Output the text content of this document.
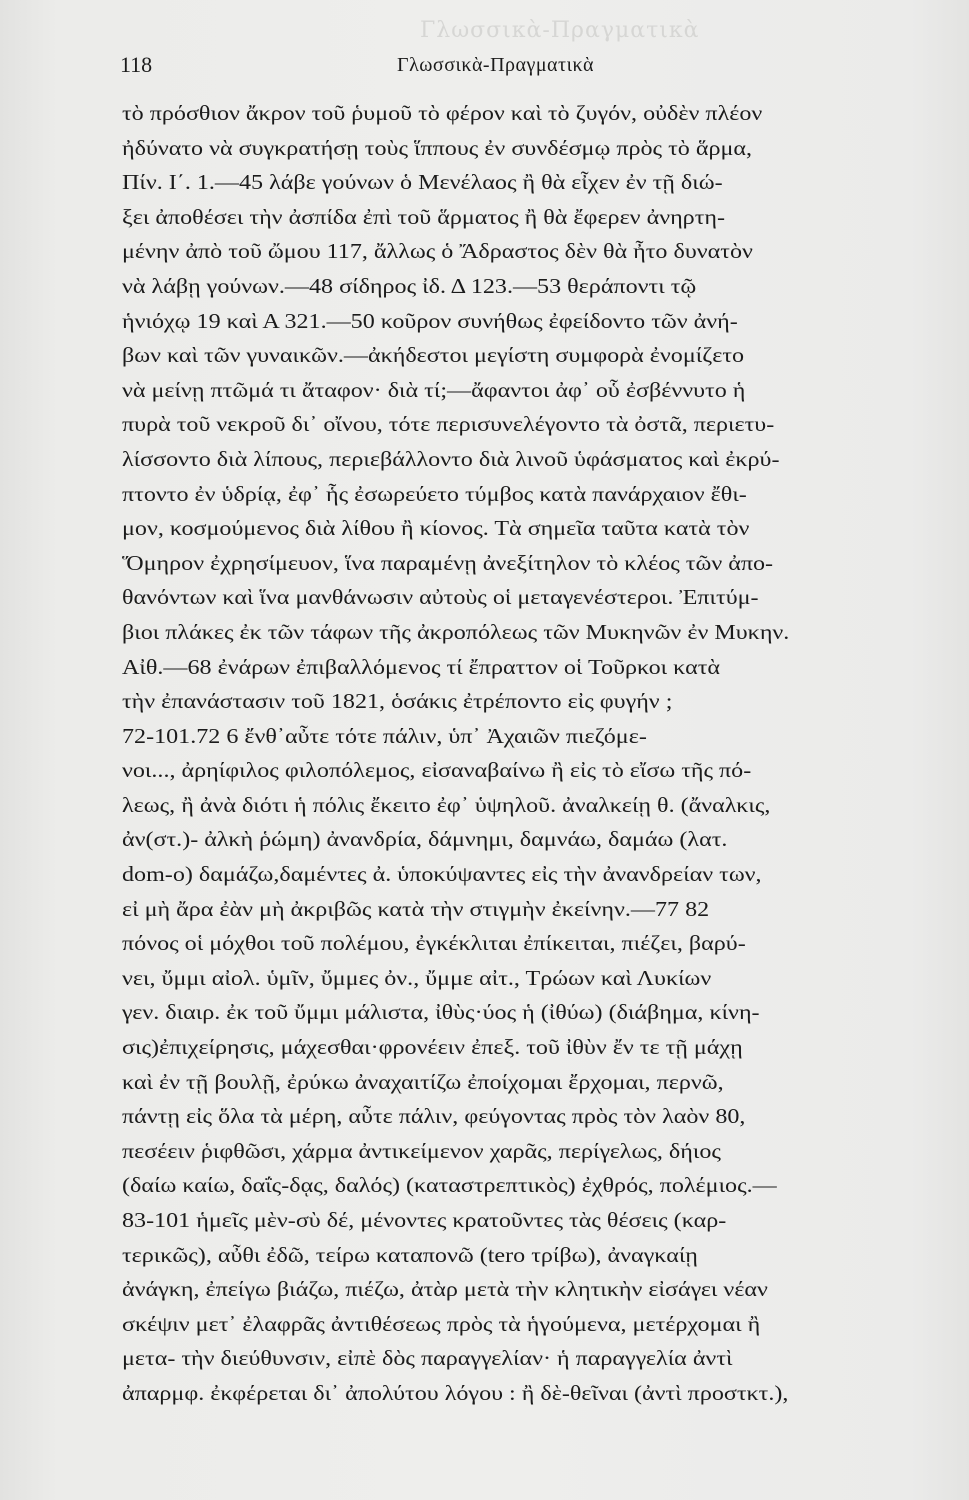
Γλωσσικὰ-Πραγματικὰ
118	Γλωσσικὰ-Πραγματικὰ
τὸ πρόσθιον ἄκρον τοῦ ῥυμοῦ τὸ φέρον καὶ τὸ ζυγόν, οὐδὲν πλέον
ἠδύνατο νὰ συγκρατήσῃ τοὺς ἵππους ἐν συνδέσμῳ πρὸς τὸ ἅρμα,
Πίν. Ι΄. 1.—45 λάβε γούνων ὁ Μενέλαος ἢ θὰ εἶχεν ἐν τῇ διώ-
ξει ἀποθέσει τὴν ἀσπίδα ἐπὶ τοῦ ἅρματος ἢ θὰ ἔφερεν ἀνηρτη-
μένην ἀπὸ τοῦ ὤμου 117, ἄλλως ὁ Ἄδραστος δὲν θὰ ἦτο δυνατὸν
νὰ λάβῃ γούνων.—48 σίδηρος ἰδ. Δ 123.—53 θεράποντι τῷ
ἡνιόχῳ 19 καὶ Α 321.—50 κοῦρον συνήθως ἐφείδοντο τῶν ἀνή-
βων καὶ τῶν γυναικῶν.—ἀκήδεστοι μεγίστη συμφορὰ ἐνομίζετο
νὰ μείνῃ πτῶμά τι ἄταφον· διὰ τί;—ἄφαντοι ἀφ᾽ οὗ ἐσβέννυτο ἡ
πυρὰ τοῦ νεκροῦ δι᾽ οἴνου, τότε περισυνελέγοντο τὰ ὀστᾶ, περιετυ-
λίσσοντο διὰ λίπους, περιεβάλλοντο διὰ λινοῦ ὑφάσματος καὶ ἐκρύ-
πτοντο ἐν ὑδρίᾳ, ἐφ᾽ ἧς ἐσωρεύετο τύμβος κατὰ πανάρχαιον ἔθι-
μον, κοσμούμενος διὰ λίθου ἢ κίονος. Τὰ σημεῖα ταῦτα κατὰ τὸν
Ὅμηρον ἐχρησίμευον, ἵνα παραμένῃ ἀνεξίτηλον τὸ κλέος τῶν ἀπο-
θανόντων καὶ ἵνα μανθάνωσιν αὐτοὺς οἱ μεταγενέστεροι. Ἐπιτύμ-
βιοι πλάκες ἐκ τῶν τάφων τῆς ἀκροπόλεως τῶν Μυκηνῶν ἐν Μυκην.
Αἰθ.—68 ἐνάρων ἐπιβαλλόμενος τί ἔπραττον οἱ Τοῦρκοι κατὰ
τὴν ἐπανάστασιν τοῦ 1821, ὁσάκις ἐτρέποντο εἰς φυγήν ;
72-101.72 6 ἔνθ᾽αὖτε τότε πάλιν, ὑπ᾽ Ἀχαιῶν πιεζόμε-
νοι..., ἀρηίφιλος φιλοπόλεμος, εἰσαναβαίνω ἢ εἰς τὸ εἴσω τῆς πό-
λεως, ἢ ἀνὰ διότι ἡ πόλις ἔκειτο ἐφ᾽ ὑψηλοῦ. ἀναλκείῃ θ. (ἄναλκις,
ἀν(στ.)- ἀλκὴ ῥώμη) ἀνανδρία, δάμνημι, δαμνάω, δαμάω (λατ.
dom-o) δαμάζω,δαμέντες ἀ. ὑποκύψαντες εἰς τὴν ἀνανδρείαν των,
εἰ μὴ ἄρα ἐὰν μὴ ἀκριβῶς κατὰ τὴν στιγμὴν ἐκείνην.—77 82
πόνος οἱ μόχθοι τοῦ πολέμου, ἐγκέκλιται ἐπίκειται, πιέζει, βαρύ-
νει, ὔμμι αἰολ. ὑμῖν, ὔμμες ὀν., ὔμμε αἰτ., Τρώων καὶ Λυκίων
γεν. διαιρ. ἐκ τοῦ ὔμμι μάλιστα, ἰθὺς·ύος ἡ (ἰθύω) (διάβημα, κίνη-
σις)ἐπιχείρησις, μάχεσθαι·φρονέειν ἐπεξ. τοῦ ἰθὺν ἔν τε τῇ μάχῃ
καὶ ἐν τῇ βουλῇ, ἐρύκω ἀναχαιτίζω ἐποίχομαι ἔρχομαι, περνῶ,
πάντῃ εἰς ὅλα τὰ μέρη, αὖτε πάλιν, φεύγοντας πρὸς τὸν λαὸν 80,
πεσέειν ῥιφθῶσι, χάρμα ἀντικείμενον χαρᾶς, περίγελως, δήιος
(δαίω καίω, δαΐς-δᾳς, δαλός) (καταστρεπτικὸς) ἐχθρός, πολέμιος.—
83-101 ἡμεῖς μὲν-σὺ δέ, μένοντες κρατοῦντες τὰς θέσεις (καρ-
τερικῶς), αὖθι ἐδῶ, τείρω καταπονῶ (tero τρίβω), ἀναγκαίῃ
ἀνάγκη, ἐπείγω βιάζω, πιέζω, ἀτὰρ μετὰ τὴν κλητικὴν εἰσάγει νέαν
σκέψιν μετ᾽ ἐλαφρᾶς ἀντιθέσεως πρὸς τὰ ἡγούμενα, μετέρχομαι ἢ
μετα- τὴν διεύθυνσιν, εἰπὲ δὸς παραγγελίαν· ἡ παραγγελία ἀντὶ
ἀπαρμφ. ἐκφέρεται δι᾽ ἀπολύτου λόγου : ἢ δὲ-θεῖναι (ἀντὶ προστκτ.),
